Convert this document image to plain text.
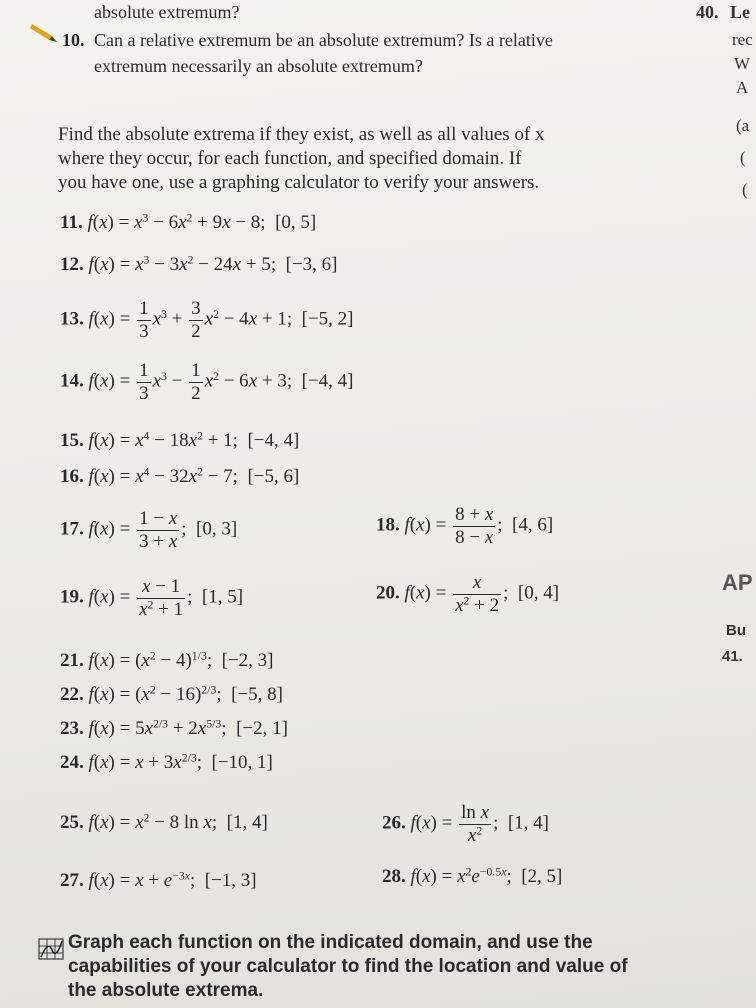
absolute extremum?
10. Can a relative extremum be an absolute extremum? Is a relative
extremum necessarily an absolute extremum?
Find the absolute extrema if they exist, as well as all values of x
where they occur, for each function, and specified domain. If
you have one, use a graphing calculator to verify your answers.
11. $f(x) = x^3 - 6x^2 + 9x - 8$;  [0, 5]
12. $f(x) = x^3 - 3x^2 - 24x + 5$;  [−3, 6]
13. $f(x) = \frac{1}{3} x^3 + \frac{3}{2} x^2 - 4x + 1$;  [−5, 2]
14. $f(x) = \frac{1}{3} x^3 - \frac{1}{2} x^2 - 6x + 3$;  [−4, 4]
15. $f(x) = x^4 - 18x^2 + 1$;  [−4, 4]
16. $f(x) = x^4 - 32x^2 - 7$;  [−5, 6]
17. $f(x) = \frac{1 - x}{3 + x}$ ;  [0, 3]	18. $f(x) = \frac{8 + x}{8 - x}$ ;  [4, 6]
19. $f(x) = \frac{x - 1}{x^2 + 1}$ ;  [1, 5]	20. $f(x) = \frac{x}{x^2 + 2}$ ;  [0, 4]
21. $f(x) = (x^2 - 4)^{1/3}$;  [−2, 3]
22. $f(x) = (x^2 - 16)^{2/3}$;  [−5, 8]
23. $f(x) = 5x^{2/3} + 2x^{5/3}$;  [−2, 1]
24. $f(x) = x + 3x^{2/3}$;  [−10, 1]
25. $f(x) = x^2 - 8$ ln x;  [1, 4]	26. $f(x) = \frac{\text{ln x}}{x^2}$ ;  [1, 4]
27. $f(x) = x + e^{-3x}$;  [−1, 3]	28. $f(x) = x^2e^{-0.5x}$;  [2, 5]
Graph each function on the indicated domain, and use the
capabilities of your calculator to find the location and value of
the absolute extrema.
40. Le
rec
W
A
(a
(
(
AP
Bu
41.
